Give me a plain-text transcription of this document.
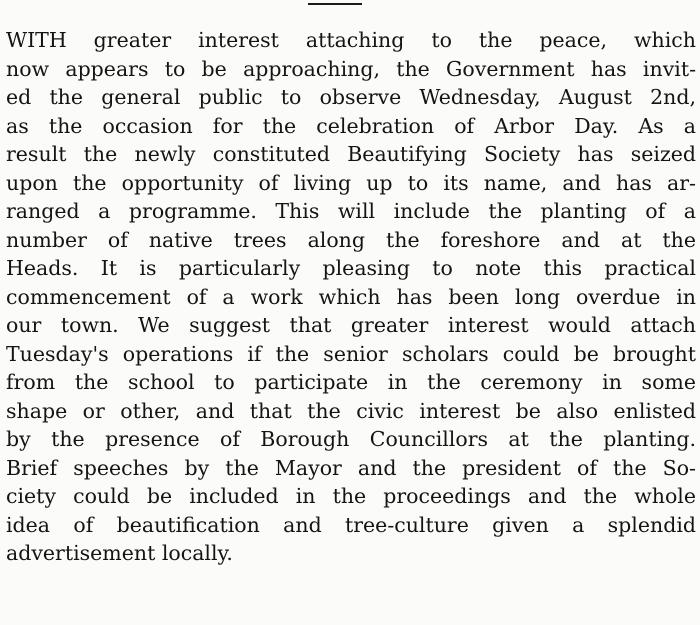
WITH greater interest attaching to the peace, which
now appears to be approaching, the Government has invit-
ed the general public to observe Wednesday, August 2nd,
as the occasion for the celebration of Arbor Day. As a
result the newly constituted Beautifying Society has seized
upon the opportunity of living up to its name, and has ar-
ranged a programme. This will include the planting of a
number of native trees along the foreshore and at the
Heads. It is particularly pleasing to note this practical
commencement of a work which has been long overdue in
our town. We suggest that greater interest would attach
Tuesday's operations if the senior scholars could be brought
from the school to participate in the ceremony in some
shape or other, and that the civic interest be also enlisted
by the presence of Borough Councillors at the planting.
Brief speeches by the Mayor and the president of the So-
ciety could be included in the proceedings and the whole
idea of beautification and tree-culture given a splendid
advertisement locally.
